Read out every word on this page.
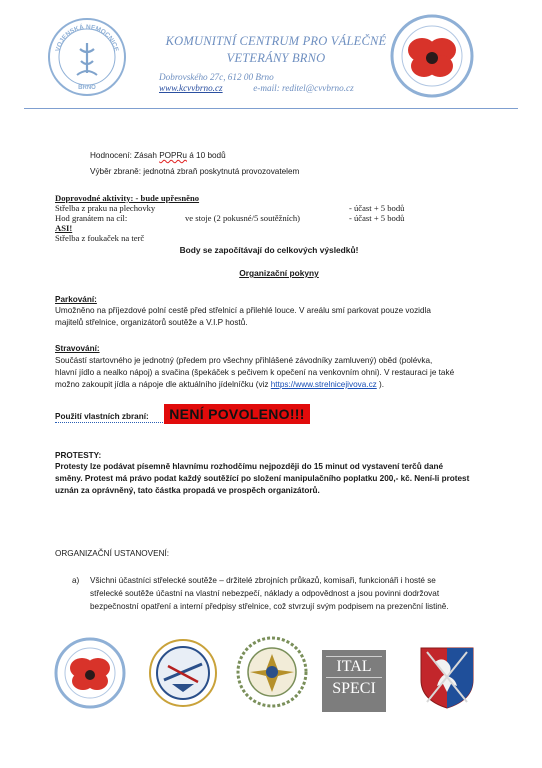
VOJENSKÁ NEMOCNICE
BRNO
KOMUNITNÍ CENTRUM PRO VÁLEČNÉ
VETERÁNY BRNO
Dobrovského 27c, 612 00 Brno
www.kcvvbrno.cz	e-mail: reditel@cvvbrno.cz
Hodnocení: Zásah POPRu á 10 bodů
Výběr zbraně: jednotná zbraň poskytnutá provozovatelem
Doprovodné aktivity: - bude upřesněno
Střelba z praku na plechovky	- účast + 5 bodů
Hod granátem na cíl:	ve stoje (2 pokusné/5 soutěžních)	- účast + 5 bodů
ASI!
Střelba z foukaček na terč
Body se započítávají do celkových výsledků!
Organizační pokyny
Parkování:
Umožněno na příjezdové polní cestě před střelnicí a přilehlé louce. V areálu smí parkovat pouze vozidla
majitelů střelnice, organizátorů soutěže a V.I.P hostů.
Stravování:
Součástí startovného je jednotný (předem pro všechny přihlášené závodníky zamluvený) oběd (polévka,
hlavní jídlo a nealko nápoj) a svačina (špekáček s pečivem k opečení na venkovním ohni). V restauraci je také
možno zakoupit jídla a nápoje dle aktuálního jídelníčku (viz https://www.strelnicejivova.cz ).
Použití vlastních zbraní:	NENÍ POVOLENO!!!
PROTESTY:
Protesty lze podávat písemně hlavnímu rozhodčímu nejpozději do 15 minut od vystavení terčů dané
směny. Protest má právo podat každý soutěžící po složení manipulačního poplatku 200,- kč. Není-li protest
uznán za oprávněný, tato částka propadá ve prospěch organizátorů.
ORGANIZAČNÍ USTANOVENÍ:
a) Všichni účastníci střelecké soutěže – držitelé zbrojních průkazů, komisaři, funkcionáři i hosté se
střelecké soutěže účastní na vlastní nebezpečí, náklady a odpovědnost a jsou povinni dodržovat
bezpečnostní opatření a interní předpisy střelnice, což stvrzují svým podpisem na prezenční listině.
ITAL
SPECI
